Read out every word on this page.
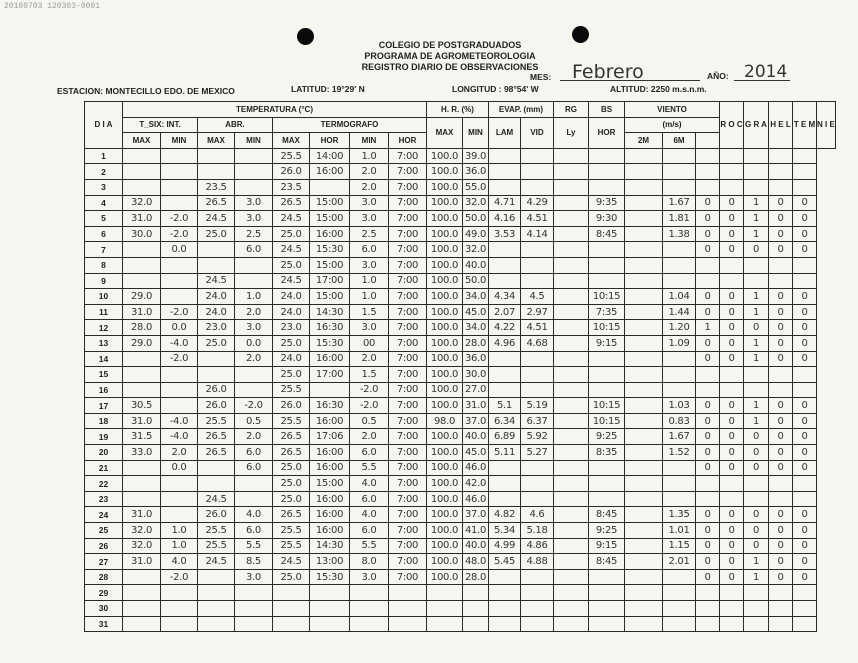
20180703 120303-0001
COLEGIO DE POSTGRADUADOS
PROGRAMA DE AGROMETEOROLOGIA
REGISTRO DIARIO DE OBSERVACIONES
MES: Febrero	AÑO: 2014
ESTACION: MONTECILLO EDO. DE MEXICO	LATITUD: 19°29' N	LONGITUD : 98°54' W	ALTITUD: 2250 m.s.n.m.
D I A	TEMPERATURA (°C)								H. R. (%)		EVAP. (mm)		RG	BS	VIENTO			R O C	G R A	H E L	T E M	N I E
	T_SIX: INT.		ABR.		TERMOGRAFO				MAX	MIN	LAM	VID	Ly	HOR	(m/s)							
	MAX	MIN	MAX	MIN	MAX	HOR	MIN	HOR							2M	6M						
1					25.5	14:00	1.0	7:00	100.0	39.0												
2					26.0	16:00	2.0	7:00	100.0	36.0												
3			23.5		23.5		2.0	7:00	100.0	55.0												
4	32.0		26.5	3.0	26.5	15:00	3.0	7:00	100.0	32.0	4.71	4.29		9:35		1.67	0	0	1	0	0	
5	31.0	-2.0	24.5	3.0	24.5	15:00	3.0	7:00	100.0	50.0	4.16	4.51		9:30		1.81	0	0	1	0	0	
6	30.0	-2.0	25.0	2.5	25.0	16:00	2.5	7:00	100.0	49.0	3.53	4.14		8:45		1.38	0	0	1	0	0	
7		0.0		6.0	24.5	15:30	6.0	7:00	100.0	32.0							0	0	0	0	0	
8					25.0	15:00	3.0	7:00	100.0	40.0												
9			24.5		24.5	17:00	1.0	7:00	100.0	50.0												
10	29.0		24.0	1.0	24.0	15:00	1.0	7:00	100.0	34.0	4.34	4.5		10:15		1.04	0	0	1	0	0	
11	31.0	-2.0	24.0	2.0	24.0	14:30	1.5	7:00	100.0	45.0	2.07	2.97		7:35		1.44	0	0	1	0	0	
12	28.0	0.0	23.0	3.0	23.0	16:30	3.0	7:00	100.0	34.0	4.22	4.51		10:15		1.20	1	0	0	0	0	
13	29.0	-4.0	25.0	0.0	25.0	15:30	00	7:00	100.0	28.0	4.96	4.68		9:15		1.09	0	0	1	0	0	
14		-2.0		2.0	24.0	16:00	2.0	7:00	100.0	36.0							0	0	1	0	0	
15					25.0	17:00	1.5	7:00	100.0	30.0												
16			26.0		25.5		-2.0	7:00	100.0	27.0												
17	30.5		26.0	-2.0	26.0	16:30	-2.0	7:00	100.0	31.0	5.1	5.19		10:15		1.03	0	0	1	0	0	
18	31.0	-4.0	25.5	0.5	25.5	16:00	0.5	7:00	98.0	37.0	6.34	6.37		10:15		0.83	0	0	1	0	0	
19	31.5	-4.0	26.5	2.0	26.5	17:06	2.0	7:00	100.0	40.0	6.89	5.92		9:25		1.67	0	0	0	0	0	
20	33.0	2.0	26.5	6.0	26.5	16:00	6.0	7:00	100.0	45.0	5.11	5.27		8:35		1.52	0	0	0	0	0	
21		0.0		6.0	25.0	16:00	5.5	7:00	100.0	46.0							0	0	0	0	0	
22					25.0	15:00	4.0	7:00	100.0	42.0												
23			24.5		25.0	16:00	6.0	7:00	100.0	46.0												
24	31.0		26.0	4.0	26.5	16:00	4.0	7:00	100.0	37.0	4.82	4.6		8:45		1.35	0	0	0	0	0	
25	32.0	1.0	25.5	6.0	25.5	16:00	6.0	7:00	100.0	41.0	5.34	5.18		9:25		1.01	0	0	0	0	0	
26	32.0	1.0	25.5	5.5	25.5	14:30	5.5	7:00	100.0	40.0	4.99	4.86		9:15		1.15	0	0	0	0	0	
27	31.0	4.0	24.5	8.5	24.5	13:00	8.0	7:00	100.0	48.0	5.45	4.88		8:45		2.01	0	0	1	0	0	
28		-2.0		3.0	25.0	15:30	3.0	7:00	100.0	28.0							0	0	1	0	0	
29																						
30																						
31																						
